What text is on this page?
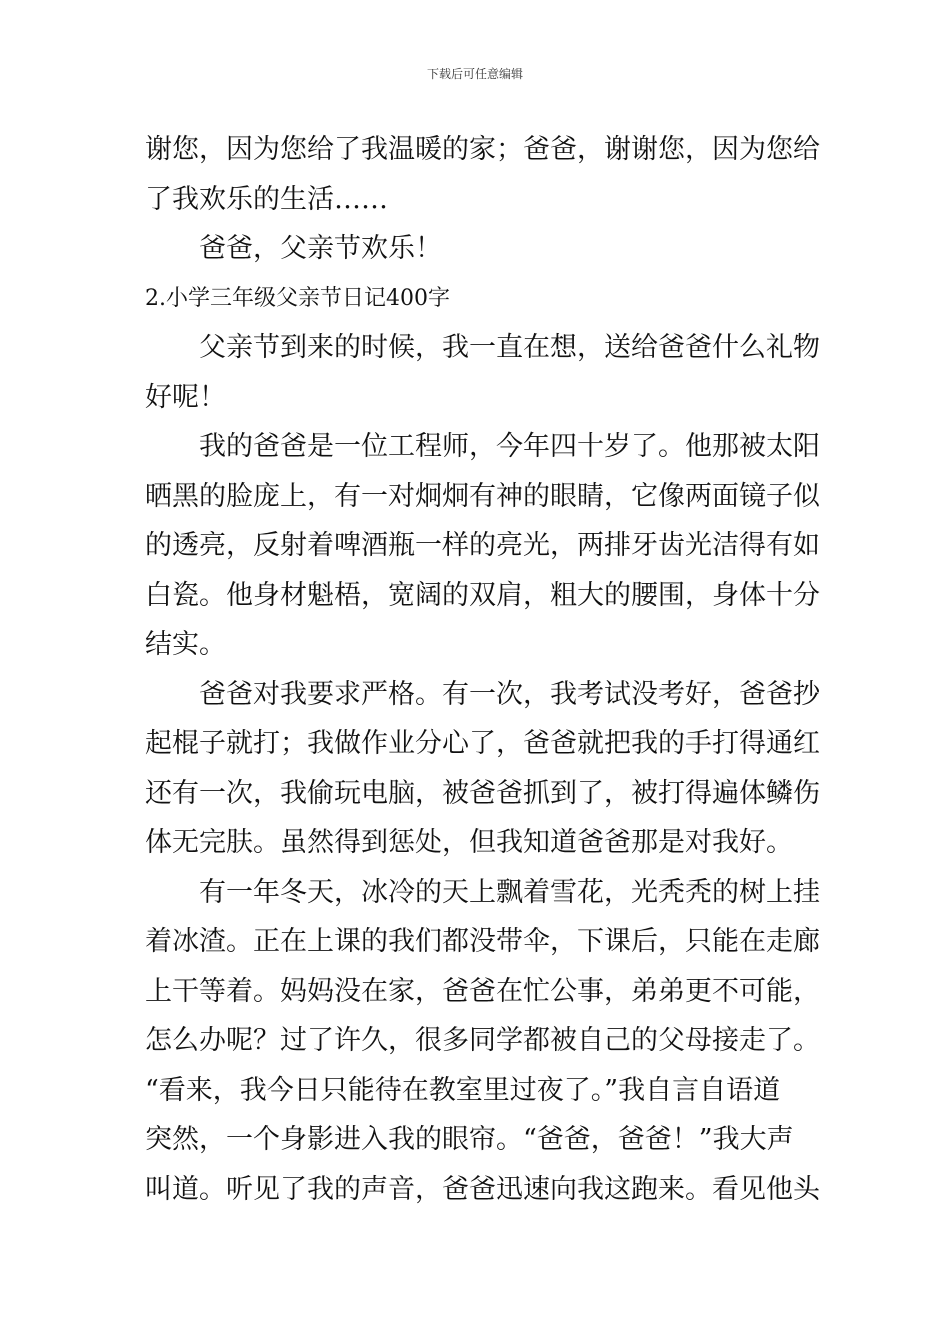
下载后可任意编辑
谢您，因为您给了我温暖的家；爸爸，谢谢您，因为您给
了我欢乐的生活……
爸爸，父亲节欢乐！
2.小学三年级父亲节日记400字
父亲节到来的时候，我一直在想，送给爸爸什么礼物
好呢！
我的爸爸是一位工程师，今年四十岁了。他那被太阳
晒黑的脸庞上，有一对炯炯有神的眼睛，它像两面镜子似
的透亮，反射着啤酒瓶一样的亮光，两排牙齿光洁得有如
白瓷。他身材魁梧，宽阔的双肩，粗大的腰围，身体十分
结实。
爸爸对我要求严格。有一次，我考试没考好，爸爸抄
起棍子就打；我做作业分心了，爸爸就把我的手打得通红
还有一次，我偷玩电脑，被爸爸抓到了，被打得遍体鳞伤
体无完肤。虽然得到惩处，但我知道爸爸那是对我好。
有一年冬天，冰冷的天上飘着雪花，光秃秃的树上挂
着冰渣。正在上课的我们都没带伞，下课后，只能在走廊
上干等着。妈妈没在家，爸爸在忙公事，弟弟更不可能，
怎么办呢？过了许久，很多同学都被自己的父母接走了。
“看来，我今日只能待在教室里过夜了。”我自言自语道
突然，一个身影进入我的眼帘。“爸爸，爸爸！”我大声
叫道。听见了我的声音，爸爸迅速向我这跑来。看见他头
